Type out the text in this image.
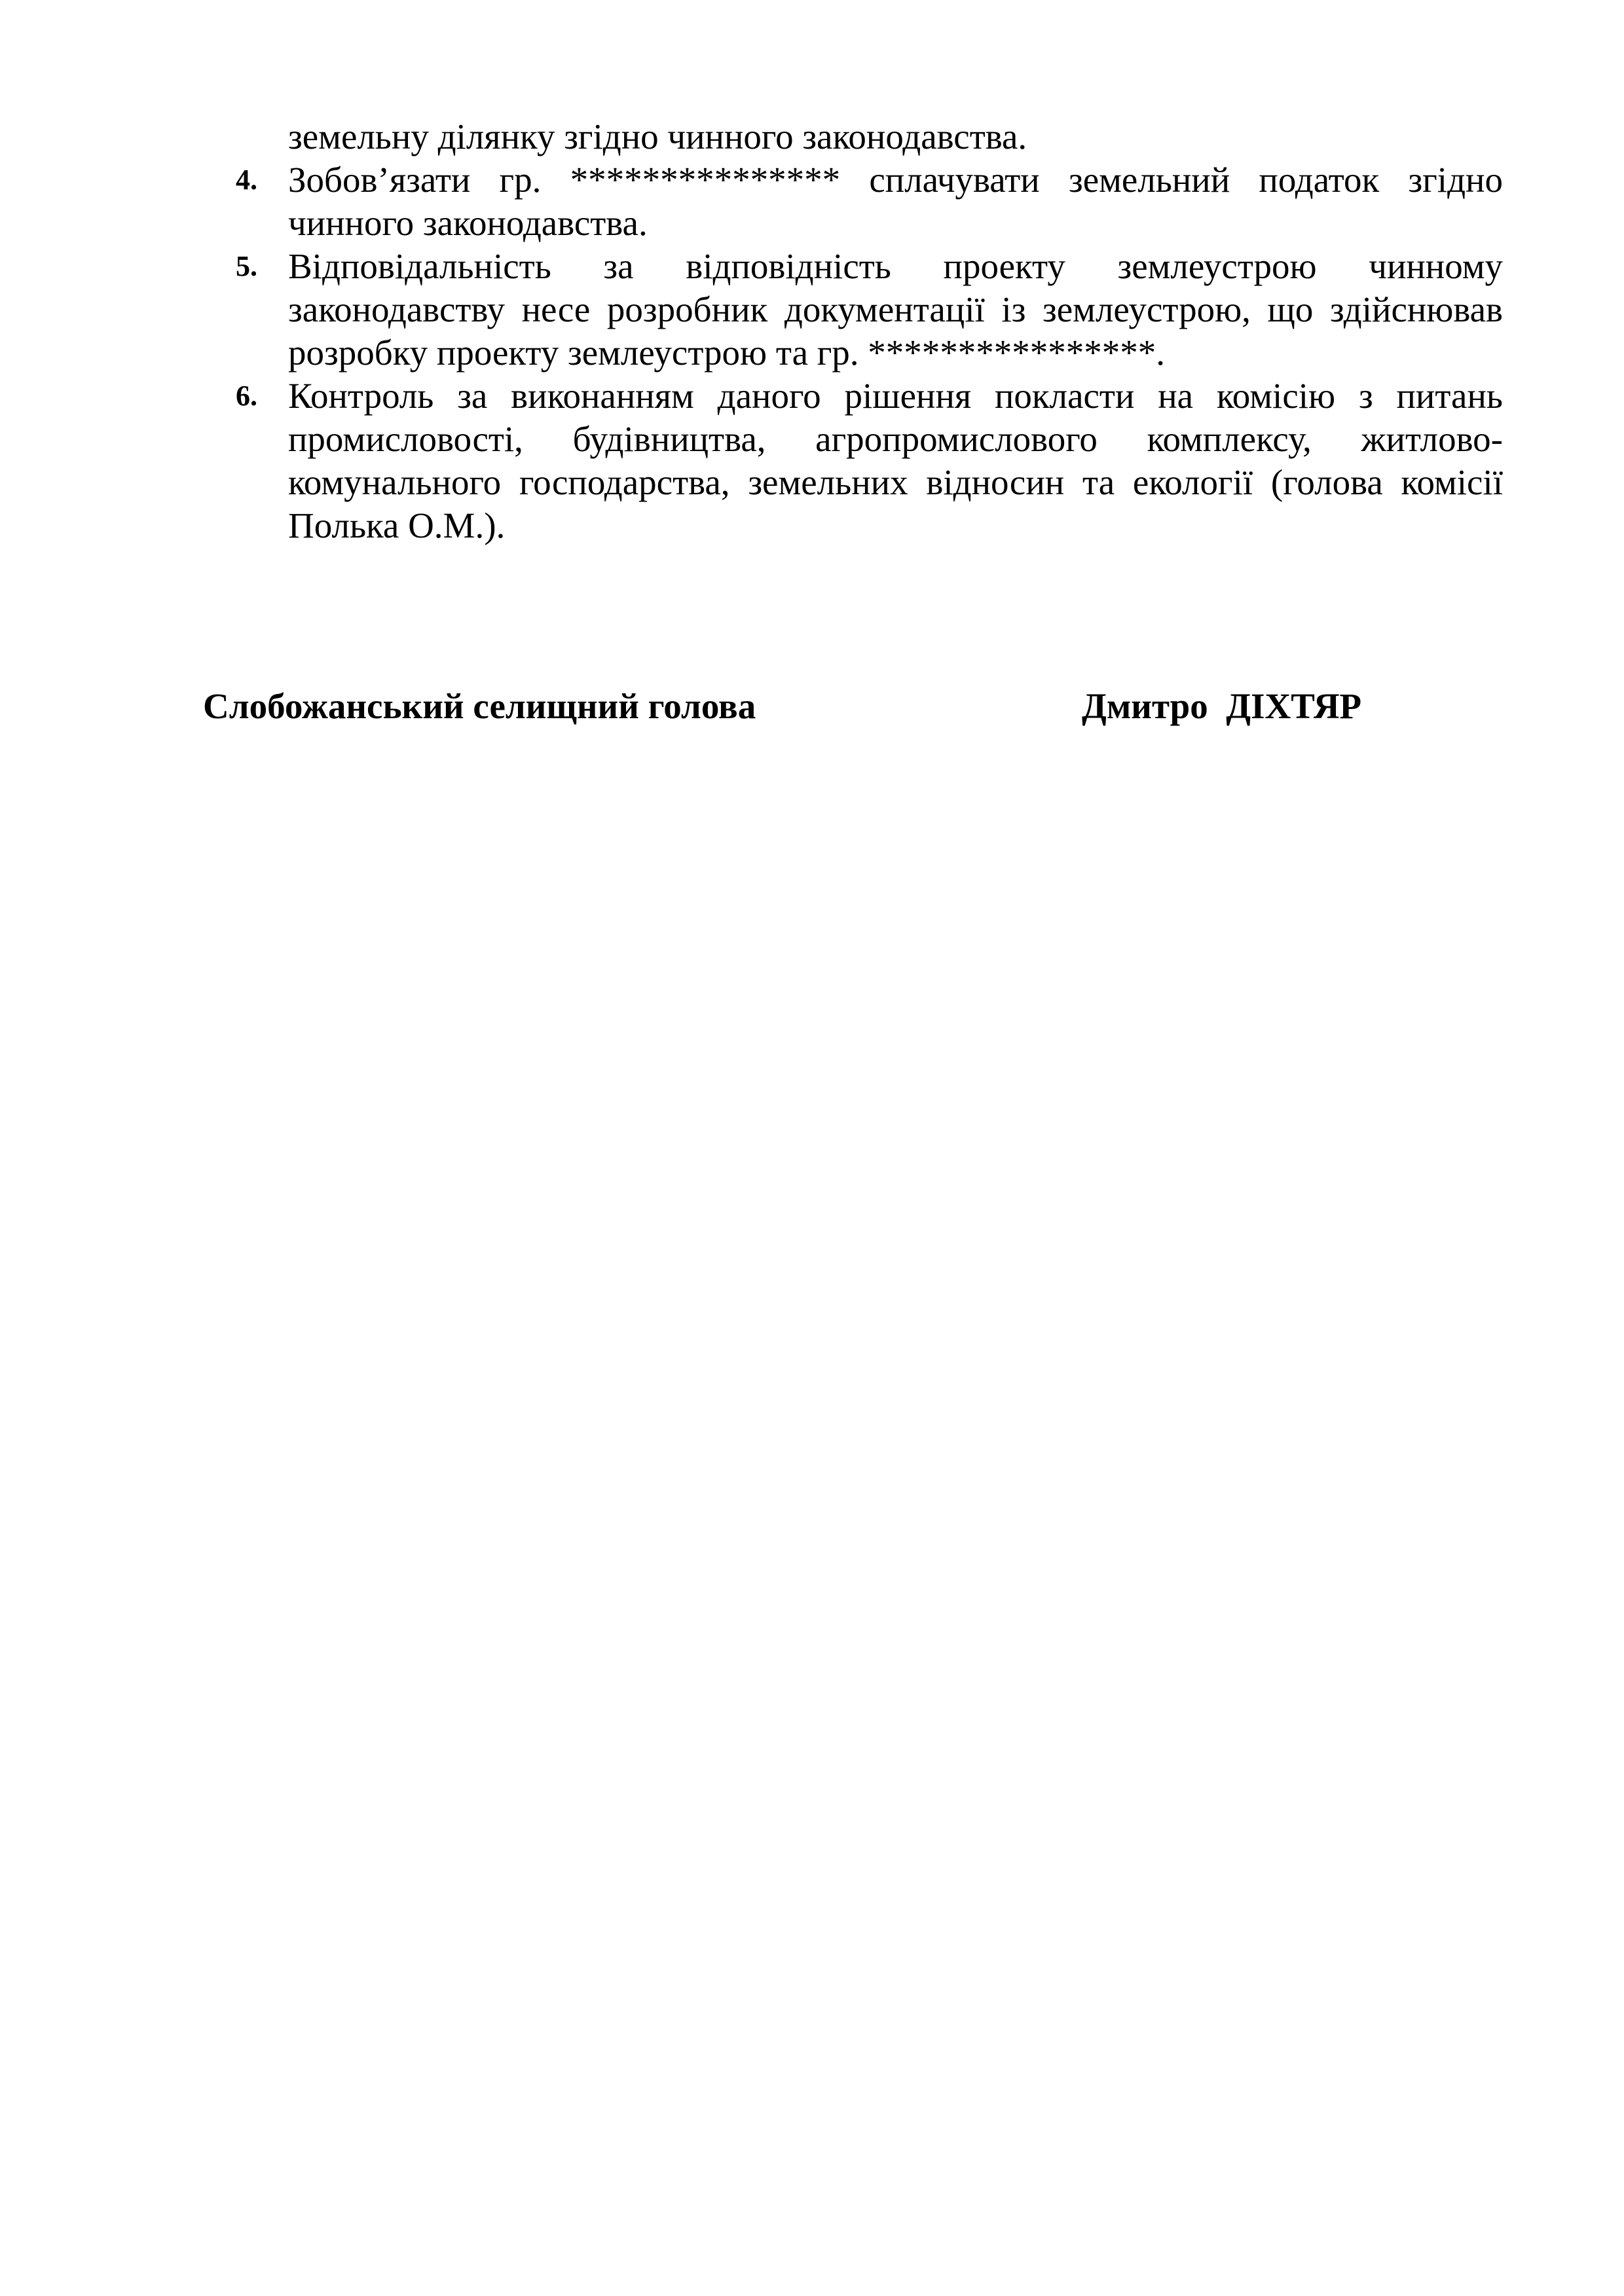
земельну ділянку згідно чинного законодавства.
4. Зобов’язати гр. *************** сплачувати земельний податок згідно чинного законодавства.
5. Відповідальність за відповідність проекту землеустрою чинному законодавству несе розробник документації із землеустрою, що здійснював розробку проекту землеустрою та гр. ****************.
6. Контроль за виконанням даного рішення покласти на комісію з питань промисловості, будівництва, агропромислового комплексу, житлово-комунального господарства, земельних відносин та екології (голова комісії Полька О.М.).
Слобожанський селищний голова	Дмитро  ДІХТЯР
